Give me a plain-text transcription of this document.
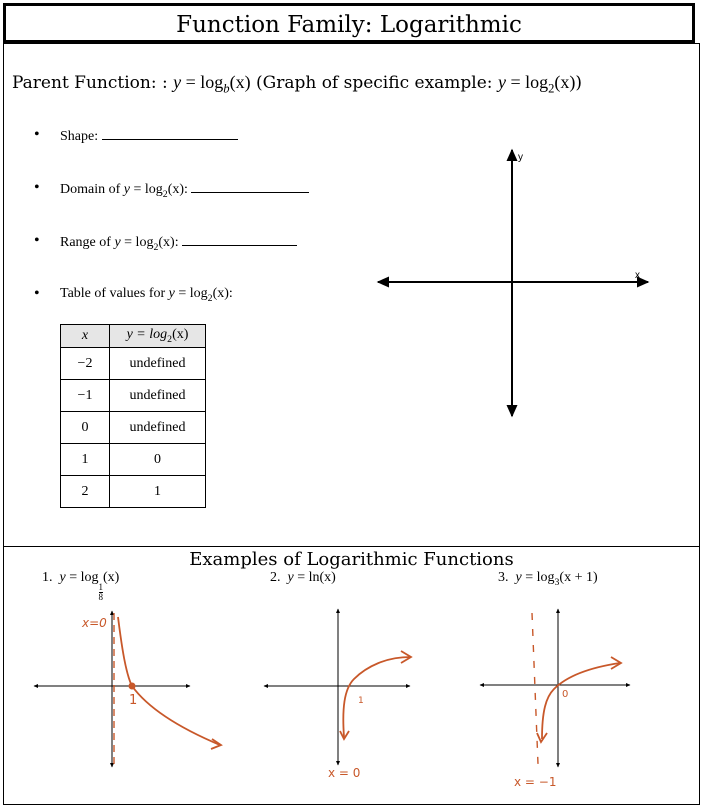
Function Family: Logarithmic
Parent Function: : $y = \log_b(x)$ (Graph of specific example: $y = \log_2(x)$)
Shape:
Domain of $y = \log_2(x)$:
Range of $y = \log_2(x)$:
Table of values for $y = \log_2(x)$:
x	$y = \log_2(x)$
−2	undefined
−1	undefined
0	undefined
1	0
2	1
y
x
Examples of Logarithmic Functions
1. y = log
$_{\frac{1}{8}}$
(x)	2. y = ln(x)	3. $y = \log_3(x + 1)$
x=0
1	1
x = 0
0
x = −1
